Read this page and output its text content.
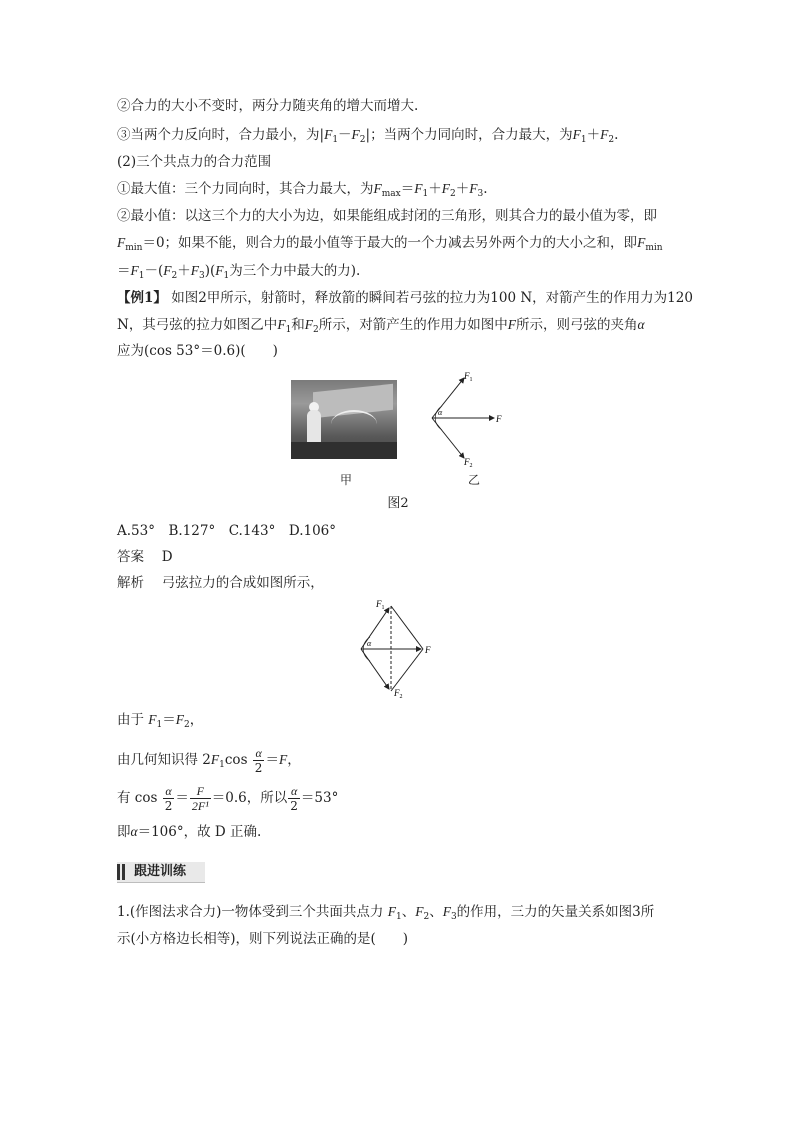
②合力的大小不变时，两分力随夹角的增大而增大.
③当两个力反向时，合力最小，为$|F_1-F_2|$；当两个力同向时，合力最大，为$F_1+F_2$.
(2)三个共点力的合力范围
①最大值：三个力同向时，其合力最大，为$F_{max}=F_1+F_2+F_3$.
②最小值：以这三个力的大小为边，如果能组成封闭的三角形，则其合力的最小值为零，即
$F_{min}=0$；如果不能，则合力的最小值等于最大的一个力减去另外两个力的大小之和，即$F_{min}$
$=F_1-(F_2+F_3)(F_1$为三个力中最大的力).
【例1】 如图2甲所示，射箭时，释放箭的瞬间若弓弦的拉力为100 N，对箭产生的作用力为120
N，其弓弦的拉力如图乙中$F_1$和$F_2$所示，对箭产生的作用力如图中F所示，则弓弦的夹角α
应为(cos 53°＝0.6)(　　)
$F_1$
$F_2$
F
α
甲	乙
图2
A.53°　B.127°　C.143°　D.106°
答案　 D
解析　 弓弦拉力的合成如图所示，
$F_1$
$F_2$
F
α
由于 $F_1=F_2$，
由几何知识得 $2F_1\cos \frac{\alpha}{2} =F$，
有 $\cos \frac{\alpha}{2} = \frac{F}{\text{2F¹}} =0.6$，所以 $\frac{\alpha}{2} =53^\circ$
即α＝106°，故 D 正确.
跟进训练
1.(作图法求合力)一物体受到三个共面共点力 $F_1$、$F_2$、$F_3$的作用，三力的矢量关系如图3所
示(小方格边长相等)，则下列说法正确的是(　　)
